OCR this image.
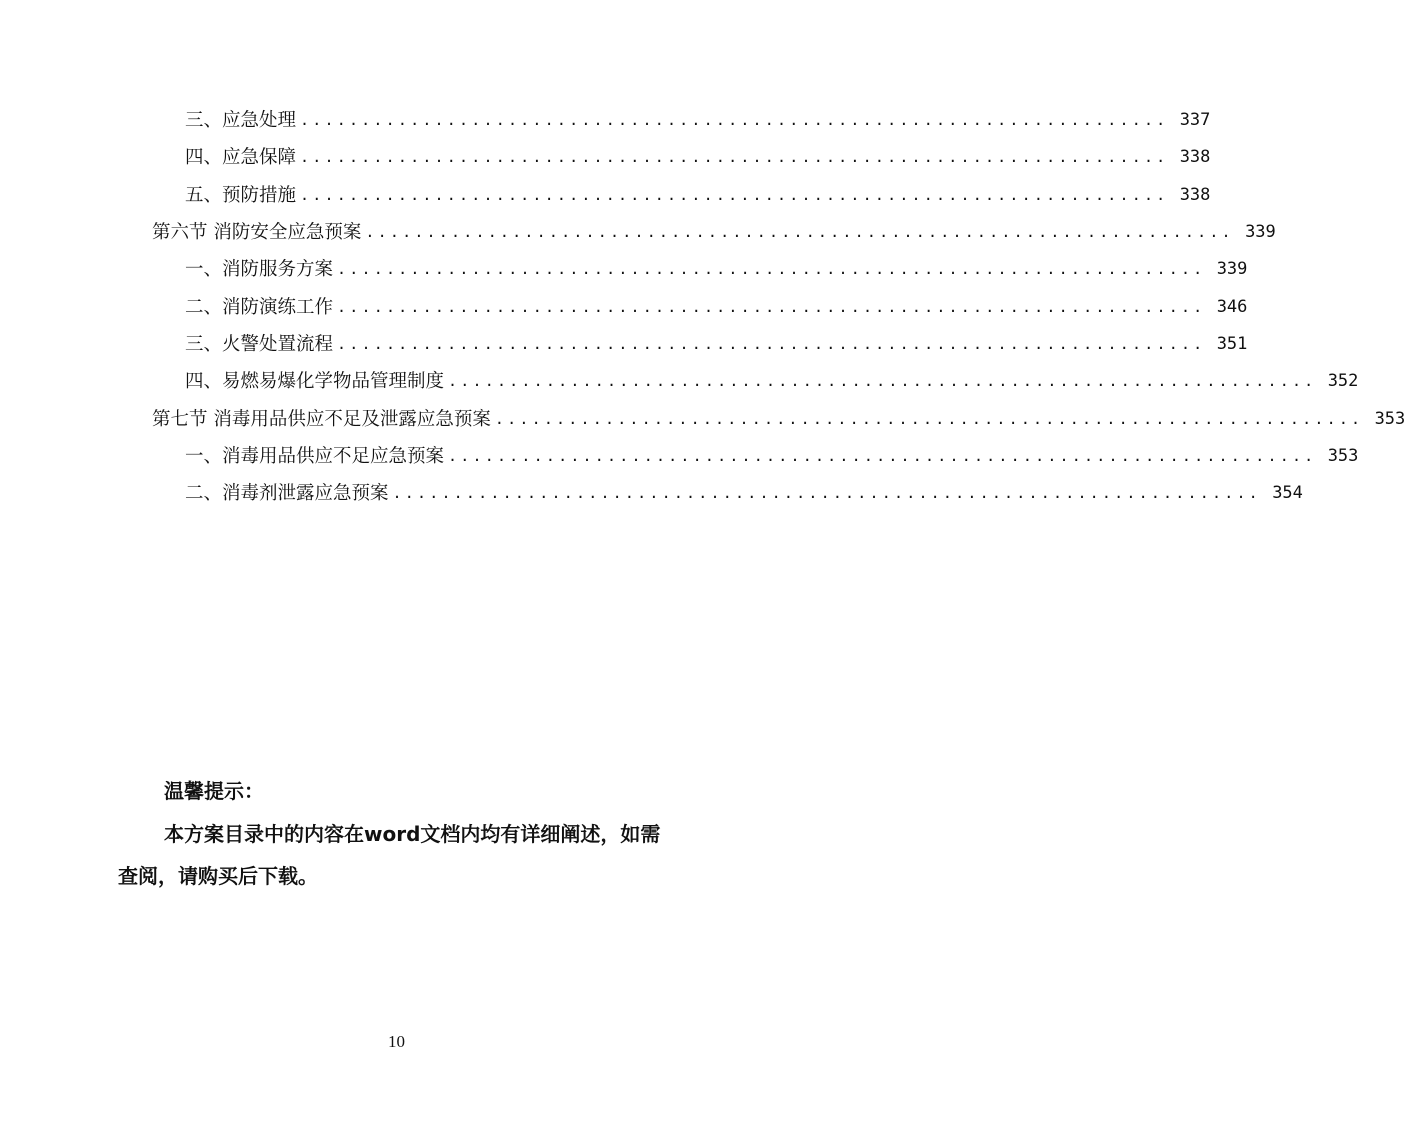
三、应急处理 ....................................................................... 337
四、应急保障 ....................................................................... 338
五、预防措施 ....................................................................... 338
第六节 消防安全应急预案 ....................................................................... 339
一、消防服务方案 ....................................................................... 339
二、消防演练工作 ....................................................................... 346
三、火警处置流程 ....................................................................... 351
四、易燃易爆化学物品管理制度 ....................................................................... 352
第七节 消毒用品供应不足及泄露应急预案 ....................................................................... 353
一、消毒用品供应不足应急预案 ....................................................................... 353
二、消毒剂泄露应急预案 ....................................................................... 354
温馨提示：
本方案目录中的内容在word文档内均有详细阐述，如需查阅，请购买后下载。
10
